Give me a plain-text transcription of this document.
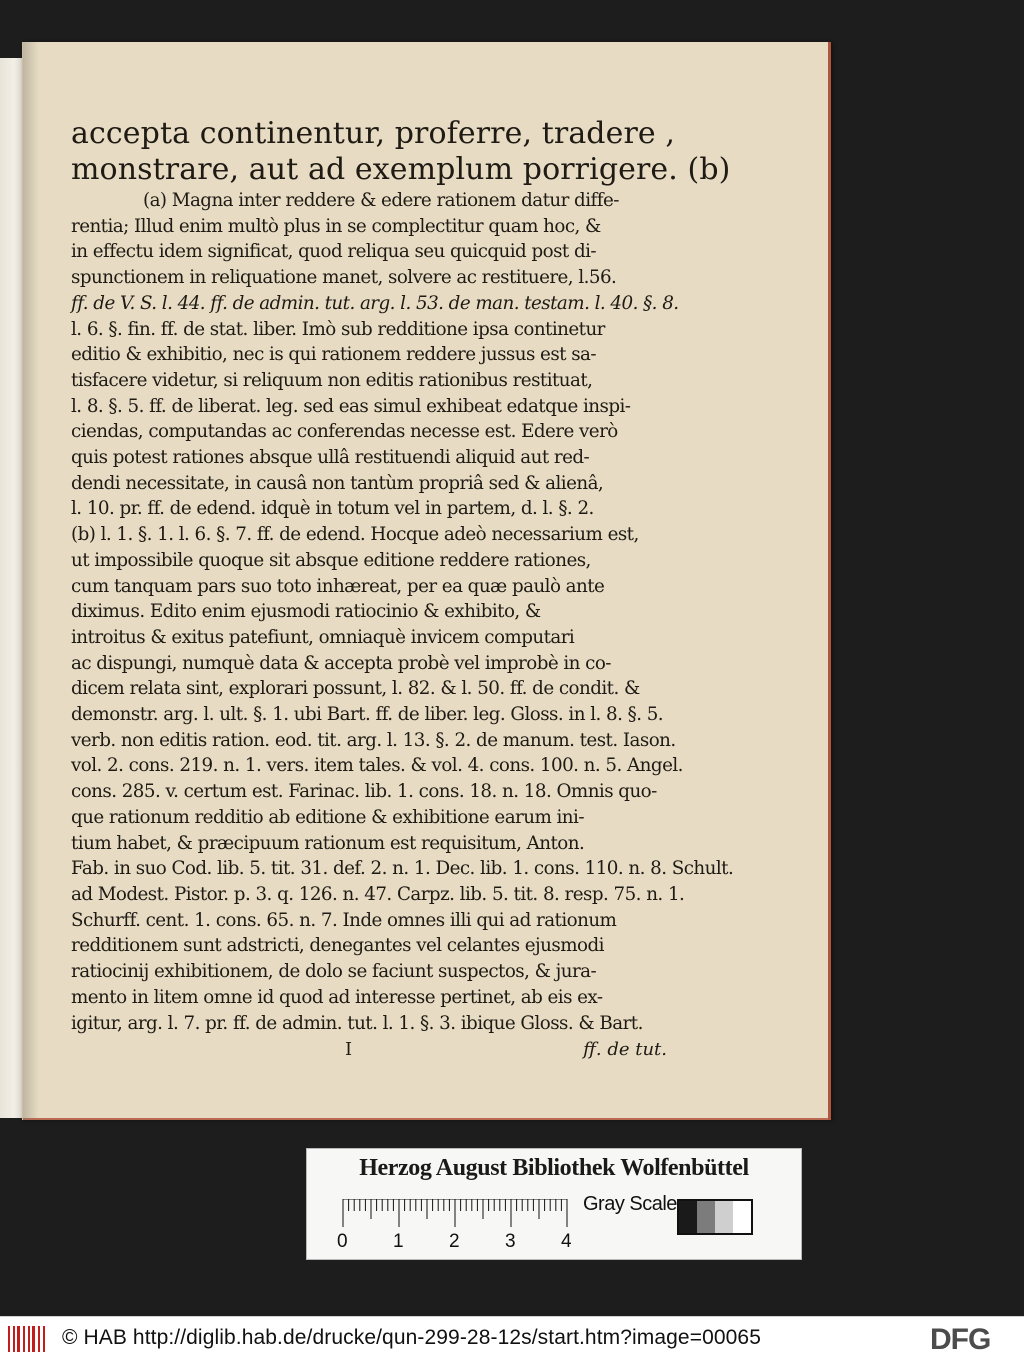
accepta continentur, proferre, tradere ,
monstrare, aut ad exemplum porrigere. (b)
(a) Magna inter reddere & edere rationem datur diffe-
rentia; Illud enim multò plus in se complectitur quam hoc, &
in effectu idem significat, quod reliqua seu quicquid post di-
spunctionem in reliquatione manet, solvere ac restituere, l.56.
ff. de V. S. l. 44. ff. de admin. tut. arg. l. 53. de man. testam. l. 40. §. 8.
l. 6. §. fin. ff. de stat. liber. Imò sub redditione ipsa continetur
editio & exhibitio, nec is qui rationem reddere jussus est sa-
tisfacere videtur, si reliquum non editis rationibus restituat,
l. 8. §. 5. ff. de liberat. leg. sed eas simul exhibeat edatque inspi-
ciendas, computandas ac conferendas necesse est. Edere verò
quis potest rationes absque ullâ restituendi aliquid aut red-
dendi necessitate, in causâ non tantùm propriâ sed & alienâ,
l. 10. pr. ff. de edend. idquè in totum vel in partem, d. l. §. 2.
(b) l. 1. §. 1. l. 6. §. 7. ff. de edend. Hocque adeò necessarium est,
ut impossibile quoque sit absque editione reddere rationes,
cum tanquam pars suo toto inhæreat, per ea quæ paulò ante
diximus. Edito enim ejusmodi ratiocinio & exhibito, &
introitus & exitus patefiunt, omniaquè invicem computari
ac dispungi, numquè data & accepta probè vel improbè in co-
dicem relata sint, explorari possunt, l. 82. & l. 50. ff. de condit. &
demonstr. arg. l. ult. §. 1. ubi Bart. ff. de liber. leg. Gloss. in l. 8. §. 5.
verb. non editis ration. eod. tit. arg. l. 13. §. 2. de manum. test. Iason.
vol. 2. cons. 219. n. 1. vers. item tales. & vol. 4. cons. 100. n. 5. Angel.
cons. 285. v. certum est. Farinac. lib. 1. cons. 18. n. 18. Omnis quo-
que rationum redditio ab editione & exhibitione earum ini-
tium habet, & præcipuum rationum est requisitum, Anton.
Fab. in suo Cod. lib. 5. tit. 31. def. 2. n. 1. Dec. lib. 1. cons. 110. n. 8. Schult.
ad Modest. Pistor. p. 3. q. 126. n. 47. Carpz. lib. 5. tit. 8. resp. 75. n. 1.
Schurff. cent. 1. cons. 65. n. 7. Inde omnes illi qui ad rationum
redditionem sunt adstricti, denegantes vel celantes ejusmodi
ratiocinij exhibitionem, de dolo se faciunt suspectos, & jura-
mento in litem omne id quod ad interesse pertinet, ab eis ex-
igitur, arg. l. 7. pr. ff. de admin. tut. l. 1. §. 3. ibique Gloss. & Bart.
I	ff. de tut.
Herzog August Bibliothek Wolfenbüttel
0 1 2 3 4
Gray Scale
© HAB http://diglib.hab.de/drucke/qun-299-28-12s/start.htm?image=00065	DFG
